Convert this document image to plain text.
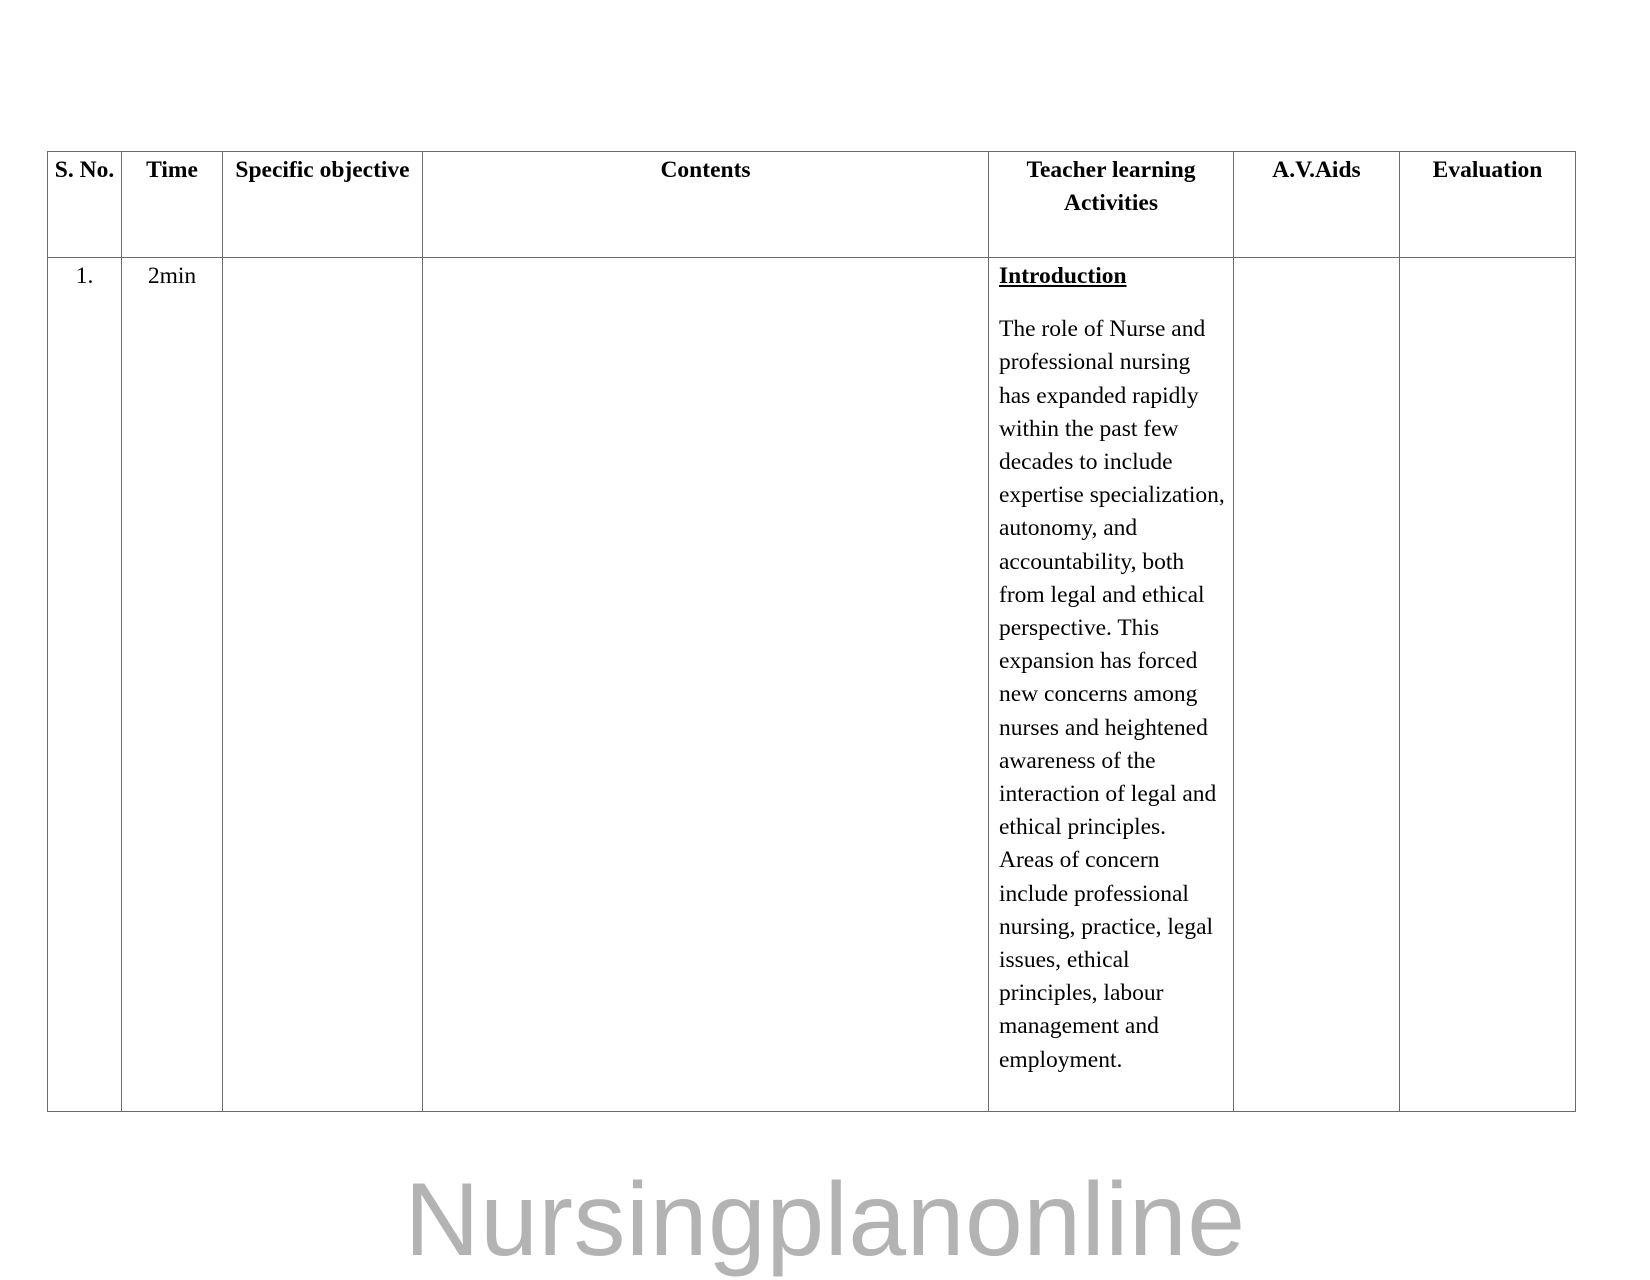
S. No.	Time	Specific objective	Contents	Teacher learning Activities	A.V.Aids	Evaluation
1.	2min			Introduction
The role of Nurse and professional nursing has expanded rapidly within the past few decades to include expertise specialization, autonomy, and accountability, both from legal and ethical perspective. This expansion has forced new concerns among nurses and heightened awareness of the interaction of legal and ethical principles. Areas of concern include professional nursing, practice, legal issues, ethical principles, labour management and employment.		

Nursingplanonline
